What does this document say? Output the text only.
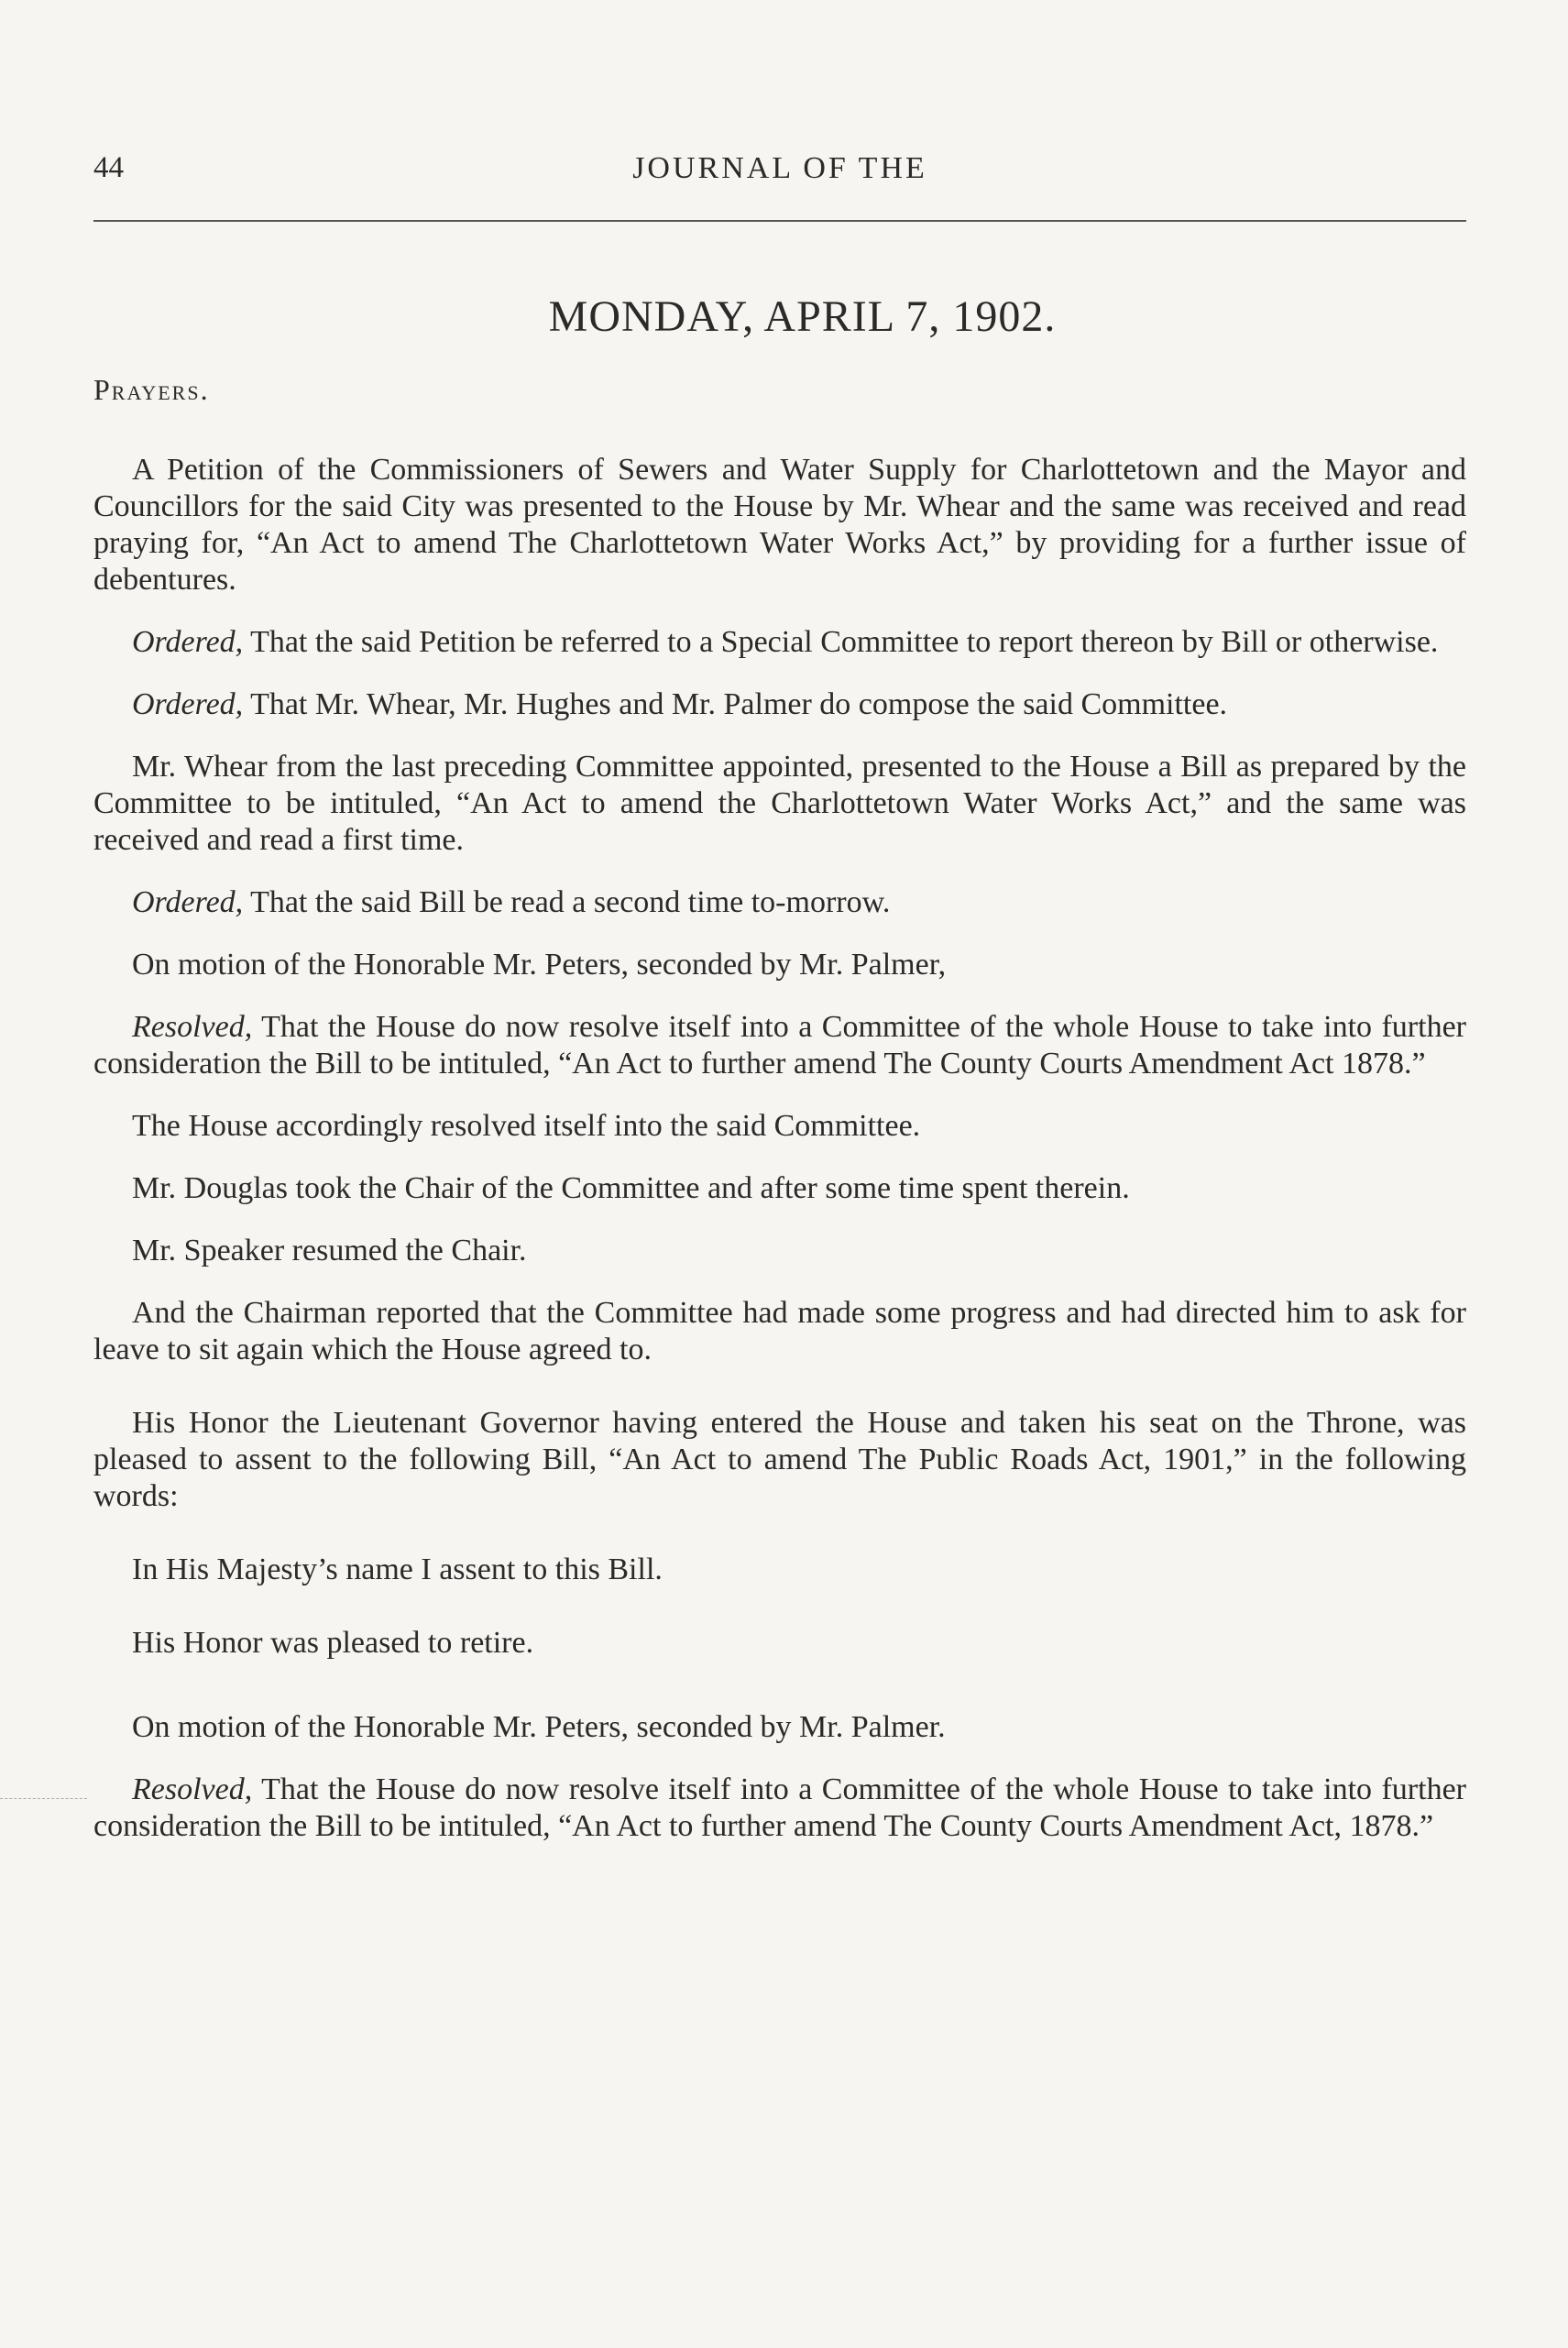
44	JOURNAL OF THE
MONDAY, APRIL 7, 1902.

Prayers.

A Petition of the Commissioners of Sewers and Water Supply for Charlottetown and the Mayor and Councillors for the said City was presented to the House by Mr. Whear and the same was received and read praying for, “An Act to amend The Charlottetown Water Works Act,” by providing for a further issue of debentures.

Ordered, That the said Petition be referred to a Special Committee to report thereon by Bill or otherwise.

Ordered, That Mr. Whear, Mr. Hughes and Mr. Palmer do compose the said Committee.

Mr. Whear from the last preceding Committee appointed, presented to the House a Bill as prepared by the Committee to be intituled, “An Act to amend the Charlottetown Water Works Act,” and the same was received and read a first time.

Ordered, That the said Bill be read a second time to-morrow.

On motion of the Honorable Mr. Peters, seconded by Mr. Palmer,

Resolved, That the House do now resolve itself into a Committee of the whole House to take into further consideration the Bill to be intituled, “An Act to further amend The County Courts Amendment Act 1878.”

The House accordingly resolved itself into the said Committee.

Mr. Douglas took the Chair of the Committee and after some time spent therein.

Mr. Speaker resumed the Chair.

And the Chairman reported that the Committee had made some progress and had directed him to ask for leave to sit again which the House agreed to.

His Honor the Lieutenant Governor having entered the House and taken his seat on the Throne, was pleased to assent to the following Bill, “An Act to amend The Public Roads Act, 1901,” in the following words:

In His Majesty’s name I assent to this Bill.

His Honor was pleased to retire.

On motion of the Honorable Mr. Peters, seconded by Mr. Palmer.

Resolved, That the House do now resolve itself into a Committee of the whole House to take into further consideration the Bill to be intituled, “An Act to further amend The County Courts Amendment Act, 1878.”
